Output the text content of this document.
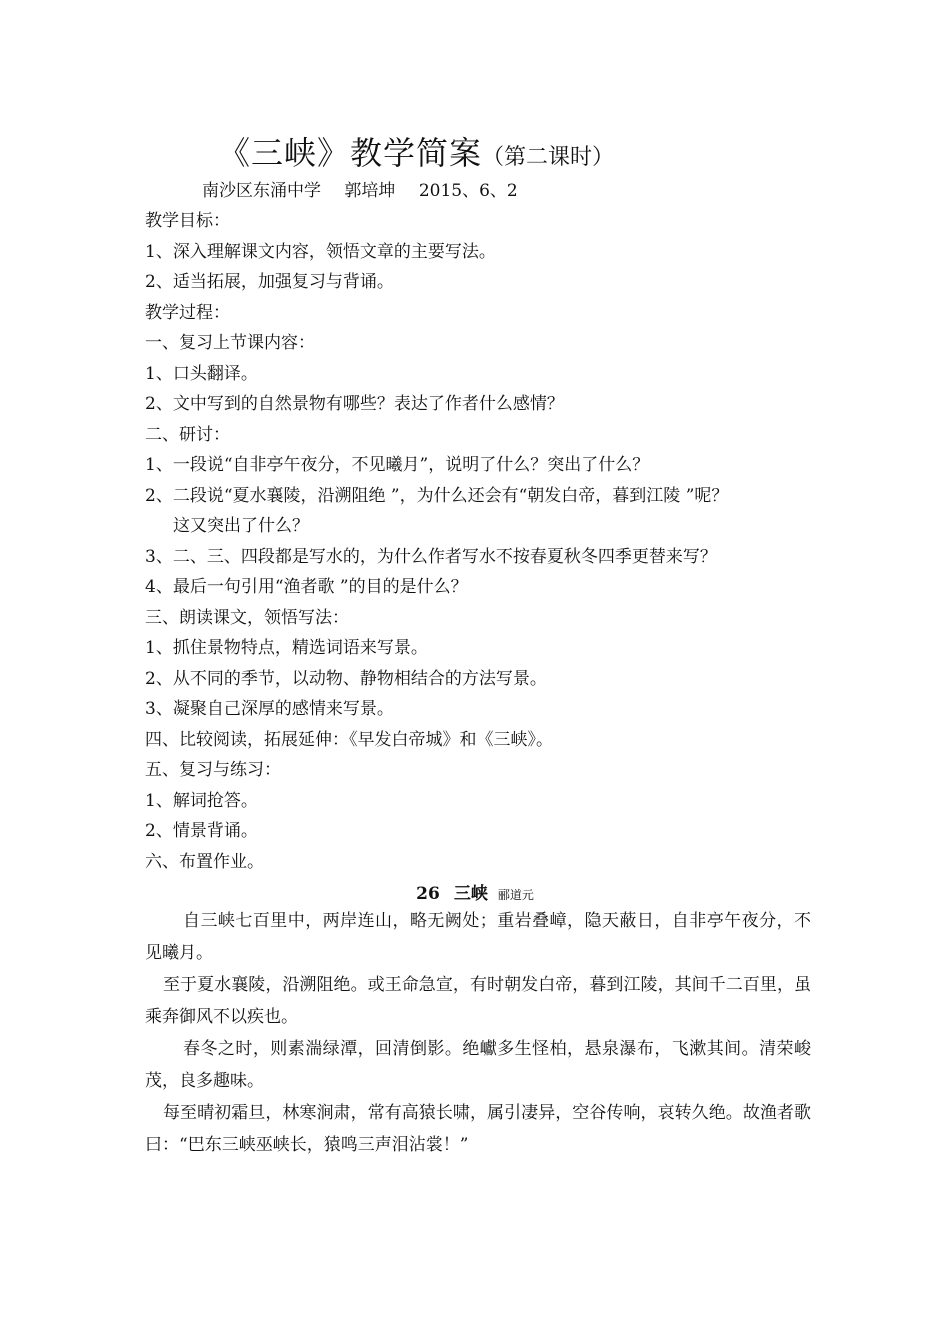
《三峡》教学简案（第二课时）
南沙区东涌中学 郭培坤 2015、6、2
教学目标：
1、深入理解课文内容，领悟文章的主要写法。
2、适当拓展，加强复习与背诵。
教学过程：
一、复习上节课内容：
1、口头翻译。
2、文中写到的自然景物有哪些？表达了作者什么感情？
二、研讨：
1、一段说“自非亭午夜分，不见曦月”，说明了什么？突出了什么？
2、二段说“夏水襄陵，沿溯阻绝 ”，为什么还会有“朝发白帝，暮到江陵 ”呢？
这又突出了什么？
3、二、三、四段都是写水的，为什么作者写水不按春夏秋冬四季更替来写？
4、最后一句引用“渔者歌 ”的目的是什么？
三、朗读课文，领悟写法：
1、抓住景物特点，精选词语来写景。
2、从不同的季节，以动物、静物相结合的方法写景。
3、凝聚自己深厚的感情来写景。
四、比较阅读，拓展延伸：《早发白帝城》和《三峡》。
五、复习与练习：
1、解词抢答。
2、情景背诵。
六、布置作业。
26 三峡 郦道元

自三峡七百里中，两岸连山，略无阙处；重岩叠嶂，隐天蔽日，自非亭午夜分，不见曦月。

至于夏水襄陵，沿溯阻绝。或王命急宣，有时朝发白帝，暮到江陵，其间千二百里，虽乘奔御风不以疾也。

春冬之时，则素湍绿潭，回清倒影。绝巘多生怪柏，悬泉瀑布，飞漱其间。清荣峻茂，良多趣味。

每至晴初霜旦，林寒涧肃，常有高猿长啸，属引凄异，空谷传响，哀转久绝。故渔者歌曰：“巴东三峡巫峡长，猿鸣三声泪沾裳！”
